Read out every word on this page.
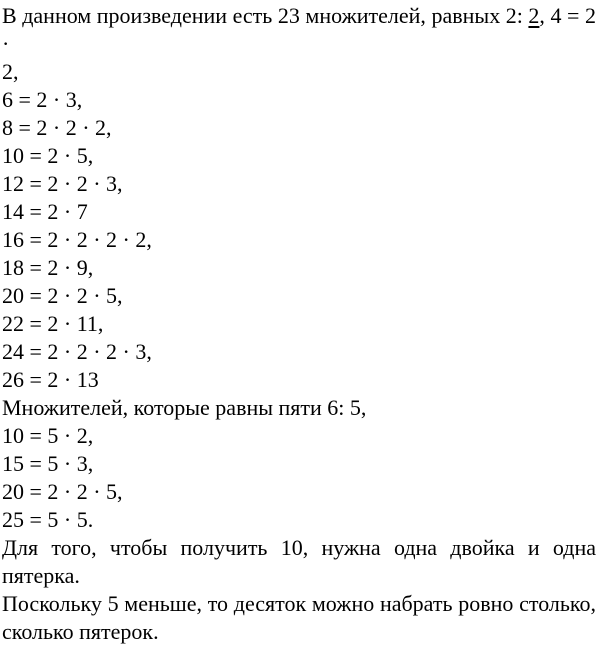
В данном произведении есть 23 множителей, равных 2: 2, 4 = 2 ·

2,

6 = 2 · 3,

8 = 2 · 2 · 2,

10 = 2 · 5,

12 = 2 · 2 · 3,

14 = 2 · 7

16 = 2 · 2 · 2 · 2,

18 = 2 · 9,

20 = 2 · 2 · 5,

22 = 2 · 11,

24 = 2 · 2 · 2 · 3,

26 = 2 · 13

Множителей, которые равны пяти 6: 5,

10 = 5 · 2,

15 = 5 · 3,

20 = 2 · 2 · 5,

25 = 5 · 5.

Для того, чтобы получить 10, нужна одна двойка и одна пятерка.

Поскольку 5 меньше, то десяток можно набрать ровно столько,

сколько пятерок.
